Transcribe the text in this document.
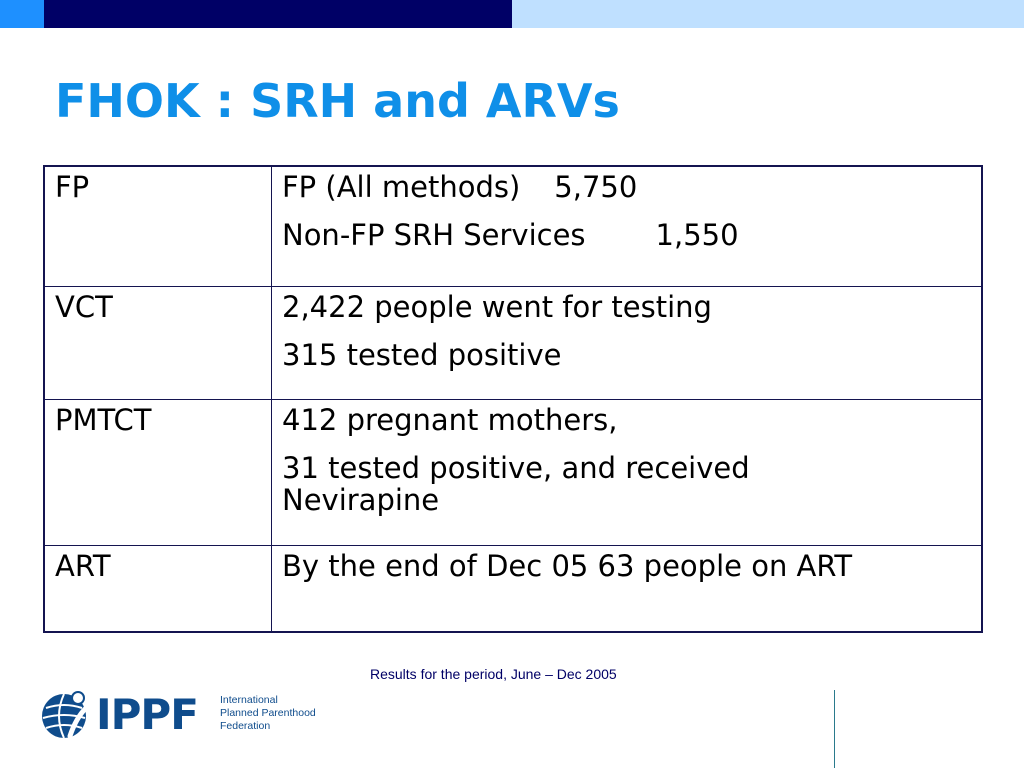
FHOK : SRH and ARVs
FP	FP (All methods) 5,750
Non-FP SRH Services 1,550

VCT	2,422 people went for testing
315 tested positive

PMTCT	412 pregnant mothers,
31 tested positive, and received Nevirapine

ART	By the end of Dec 05 63 people on ART
Results for the period, June – Dec 2005
IPPF International
Planned Parenthood
Federation
